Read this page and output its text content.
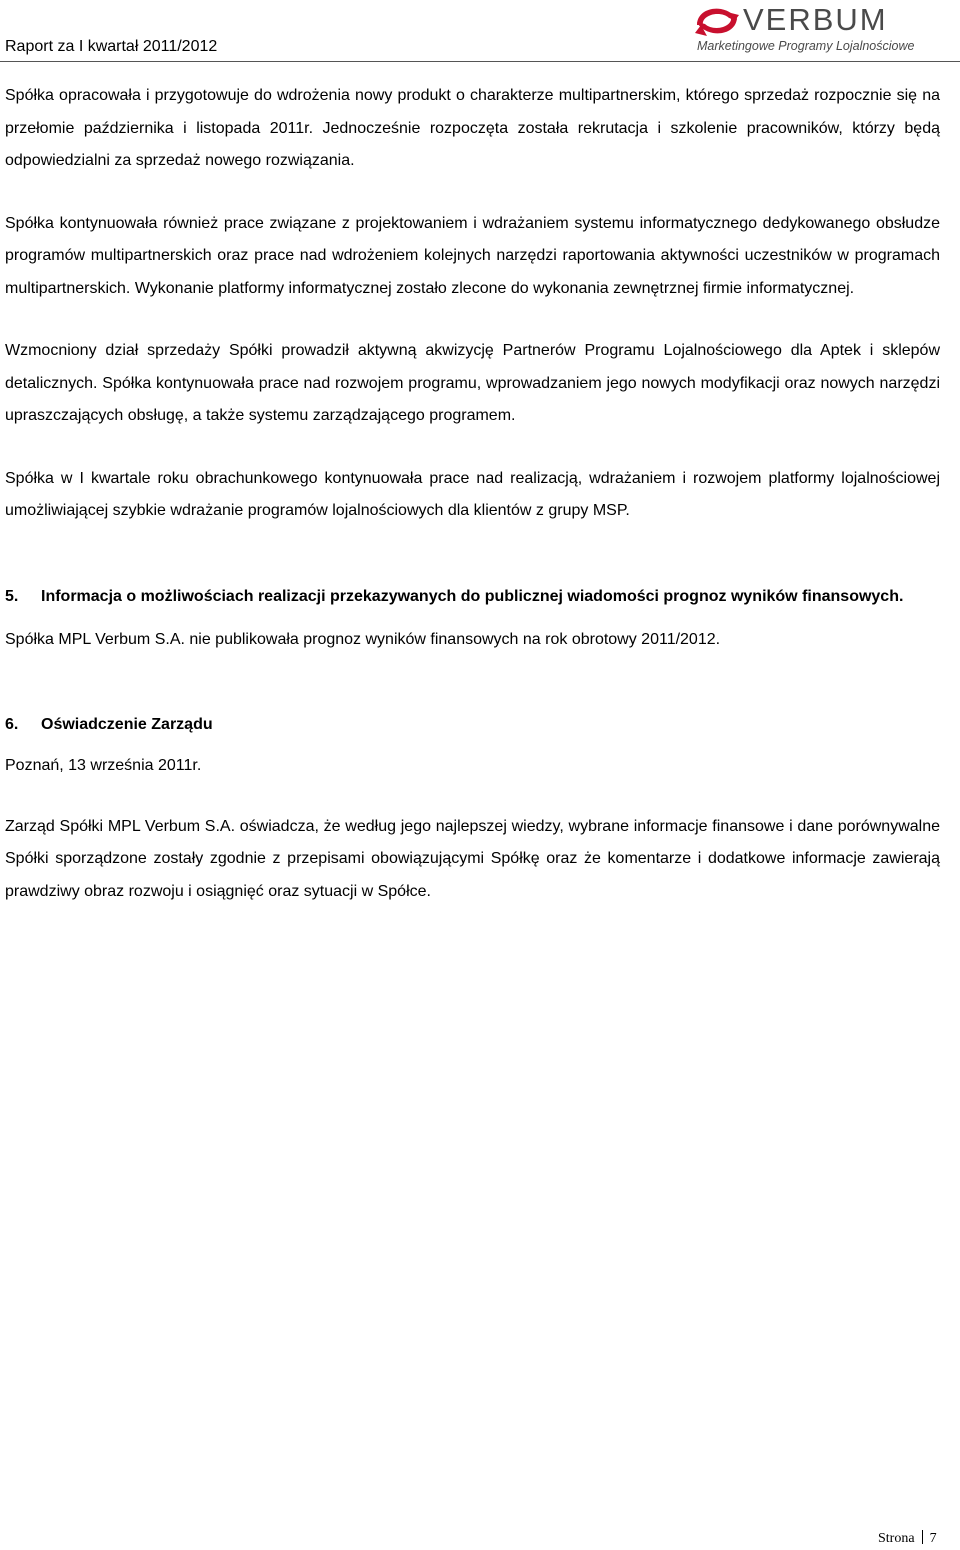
Raport za I kwartał 2011/2012
VERBUM
Marketingowe Programy Lojalnościowe

Spółka opracowała i przygotowuje do wdrożenia nowy produkt o charakterze multipartnerskim, którego sprzedaż rozpocznie się na przełomie października i listopada 2011r. Jednocześnie rozpoczęta została rekrutacja i szkolenie pracowników, którzy będą odpowiedzialni za sprzedaż nowego rozwiązania.

Spółka kontynuowała również prace związane z projektowaniem i wdrażaniem systemu informatycznego dedykowanego obsłudze programów multipartnerskich oraz prace nad wdrożeniem kolejnych narzędzi raportowania aktywności uczestników w programach multipartnerskich. Wykonanie platformy informatycznej zostało zlecone do wykonania zewnętrznej firmie informatycznej.

Wzmocniony dział sprzedaży Spółki prowadził aktywną akwizycję Partnerów Programu Lojalnościowego dla Aptek i sklepów detalicznych. Spółka kontynuowała prace nad rozwojem programu, wprowadzaniem jego nowych modyfikacji oraz nowych narzędzi upraszczających obsługę, a także systemu zarządzającego programem.

Spółka w I kwartale roku obrachunkowego kontynuowała prace nad realizacją, wdrażaniem i rozwojem platformy lojalnościowej umożliwiającej szybkie wdrażanie programów lojalnościowych dla klientów z grupy MSP.

5.	Informacja o możliwościach realizacji przekazywanych do publicznej wiadomości prognoz wyników finansowych.

Spółka MPL Verbum S.A. nie publikowała prognoz wyników finansowych na rok obrotowy 2011/2012.

6.	Oświadczenie Zarządu

Poznań, 13 września 2011r.

Zarząd Spółki MPL Verbum S.A. oświadcza, że według jego najlepszej wiedzy, wybrane informacje finansowe i dane porównywalne Spółki sporządzone zostały zgodnie z przepisami obowiązującymi Spółkę oraz że komentarze i dodatkowe informacje zawierają prawdziwy obraz rozwoju i osiągnięć oraz sytuacji w Spółce.

Strona 7
